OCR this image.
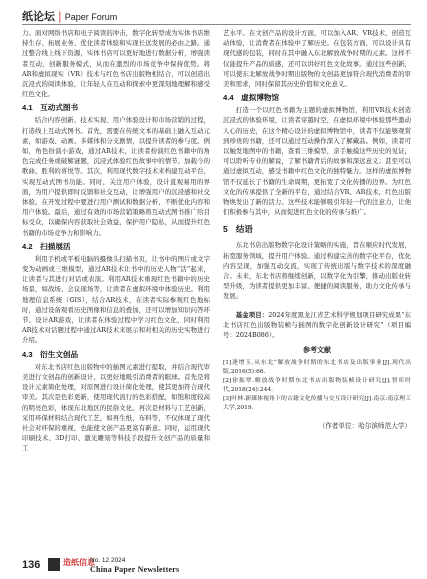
纸论坛 | Paper Forum

力。面对网络书店和电子阅读的冲击，数字化转型成为实体书店维持生存、拓展业务、优化读者体验和实现长远发展的必由之路。通过整合线上线下资源，实体书店可以更好地进行数据分析，增强读者互动，创新服务模式，从而在激烈的市场竞争中保持优势。将AR和虚拟现实（VR）技术与红色书店出版物相结合，可以创造出沉浸式的阅读体验，让年轻人在互动和探索中更深刻地理解和感受红色文化。

4.1　互动式图书

结合内容创新、技术实现、用户体验设计和市场营销的过程，打造线上互动式图书。首先，需要在传统文本的基础上融入互动元素，如游戏、动画、多媒体和分支剧情，以提升读者的参与度。例如，角色扮演小游戏，通过AR技术，让读者扮演红色书籍中的角色完成任务或破解谜题，沉浸式体验红色故事中的情节。加载今的歌曲、胜利的喜悦等。其次，利用现代数字技术来构建互动平台，实现互动式图书功能。同时，关注用户体验，设计直观易用的界面，为用户提供即时反馈和社交互动，让增强用户的沉浸感和社交体验。在开发过程中要进行用户测试和数据分析，不断优化内容和用户体验。最后，通过有效的市场营销策略将互动式图书推广给目标受众，以确保内容获取社会效益，保护用户隐私，从而提升红色书籍的市场竞争力和影响力。

4.2　扫描展活

利用手机或平板电脑的摄像头扫描书页，让书中的图片或文字变为动画或三维模型，通过AR技术让书中的历史人物“活”起来，让读者与其进行对话或表演。利用AR技术重现红色书籍中的历史场景，如战场、会议现场等，让读者在虚拟环境中体验历史。利用地理信息系统（GIS），结合AR技术，在读者实际参观红色地标时，通过设备观看历史图像和信息的叠加，还可以增加知识问答环节、设计AR游戏，让读者在体验过程中学习红色文化，同时利用AR技术对话题过程中通过AR技术来展示和对相关的历史实物进行介绍。

4.3　衍生文创品

对东北书店红色出版物中的插图元素进行提取，并结合现代审美进行文创品的创新设计，以更好地吸引消费者的眼球。首先是将设计元素简化处理，对原图进行设计简化处理，使其更加符合现代审美。其次是色彩更新，使用现代流行的色彩搭配，如饱和度较高的明亮色彩，体现东北地区的民俗文化。再次是材料与工艺创新，采用环保材料结合现代工艺，如再生纸、布料等，不仅体现了现代社会对环保的重视，也能使文创产品更富有新意。同时，运用现代印刷技术、3D打印、激光雕刻等科技手段提升文创产品的质量和工

艺水平。在文创产品的设计方面，可以加入AR、VR技术，创造互动体验，让消费者在体验中了解历史。在包装方面，可以设计具有现代感的包装，同时在其中融入东北解放战争时期的元素。这样不仅能提升产品的质感，还可以讲好红色文化故事。通过这些创新，可以使东北解放战争时期出版物的文创品更加符合现代消费者的审美和需求，同时保留其历史价值和文化意义。

4.4　虚拟博物馆

打造一个以红色书籍为主题的虚拟博物馆，利用VR技术创造沉浸式的体验环境，让读者穿越时空，在虚拟环境中体验那些激动人心的历史，在这个精心设计的虚拟博物馆中，读者不仅能够观赏到珍贵的书籍，还可以通过互动操作深入了解藏品。例如，读者可以触发地图中的书籍，查看三维模型，亲手触摸这些历史的见证，可以聆听专业的解说，了解书籍背后的故事和深远意义；甚至可以通过虚拟互动，感受书籍中红色文化的独特魅力。这样的虚拟博物馆不仅延长了书籍的生命周期，更拓宽了文化传播的边界。为红色文化的传承提供了全新的平台，通过结合VR、AR技术，红色出版物焕发出了新的活力。这些技术能够吸引年轻一代的注意力，让他们积极参与其中，从而促进红色文化的传承与推广。

5　结语

东北书店出版物数字化设计策略的实施，旨在顺应时代发展，拓宽服务领域，提升用户体验。通过构建完善的数字化平台，优化内容呈现，加强互动交流，实现了传统出版与数字技术的深度融合。未来，东北书店将继续创新，以数字化为引擎，推动出版业转型升级，为读者提供更加丰富、便捷的阅读服务，助力文化传承与发展。

基金项目：2024年度黑龙江省艺术科学规划项目研究成果“东北书店红色出版物装帧与插图的数字化创新设计研究”（项目编号：2024B086）。

参考文献
[1]逄增玉.从东北“解放战争时期的东北书店及出版事业[J].现代出版,2016(5):66.
[2]徐振翠.解放战争时期东北书店出版物装帧设计研究[J].智库时代,2018(24):244.
[3]叶林.新媒体视角下的古籍文化传播与交互设计研究[J].南京:南京理工大学,2019.
（作者单位：哈尔滨师范大学）
136	造纸信息
No. 12 2024
China Paper Newsletters
